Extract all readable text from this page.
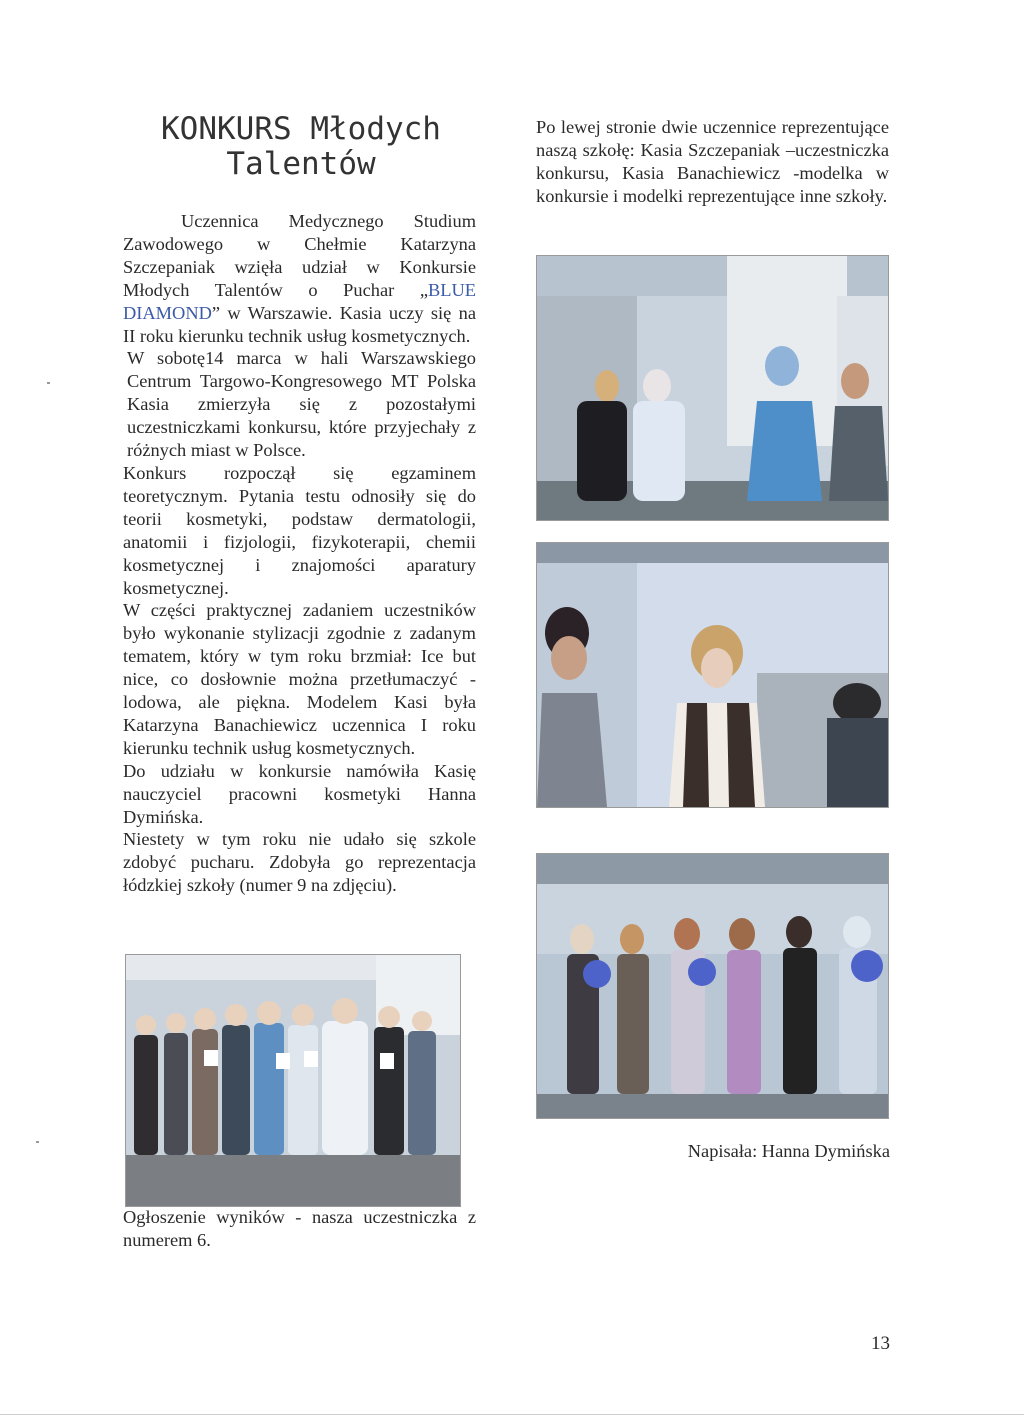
KONKURS Młodych Talentów

Uczennica Medycznego Studium Zawodowego w Chełmie Katarzyna Szczepaniak wzięła udział w Konkursie Młodych Talentów o Puchar „BLUE DIAMOND” w Warszawie. Kasia uczy się na II roku kierunku technik usług kosmetycznych.

W sobotę14 marca w hali Warszawskiego Centrum Targowo-Kongresowego MT Polska Kasia zmierzyła się z pozostałymi uczestniczkami konkursu, które przyjechały z różnych miast w Polsce.

Konkurs rozpoczął się egzaminem teoretycznym. Pytania testu odnosiły się do teorii kosmetyki, podstaw dermatologii, anatomii i fizjologii, fizykoterapii, chemii kosmetycznej i znajomości aparatury kosmetycznej.

W części praktycznej zadaniem uczestników było wykonanie stylizacji zgodnie z zadanym tematem, który w tym roku brzmiał: Ice but nice, co dosłownie można przetłumaczyć - lodowa, ale piękna. Modelem Kasi była Katarzyna Banachiewicz uczennica I roku kierunku technik usług kosmetycznych.

Do udziału w konkursie namówiła Kasię nauczyciel pracowni kosmetyki Hanna Dymińska.

Niestety w tym roku nie udało się szkole zdobyć pucharu. Zdobyła go reprezentacja łódzkiej szkoły (numer 9 na zdjęciu).

Po lewej stronie dwie uczennice reprezentujące naszą szkołę: Kasia Szczepaniak –uczestniczka konkursu, Kasia Banachiewicz -modelka w konkursie i modelki reprezentujące inne szkoły.
Ogłoszenie wyników - nasza uczestniczka z numerem 6.
Napisała: Hanna Dymińska
13
